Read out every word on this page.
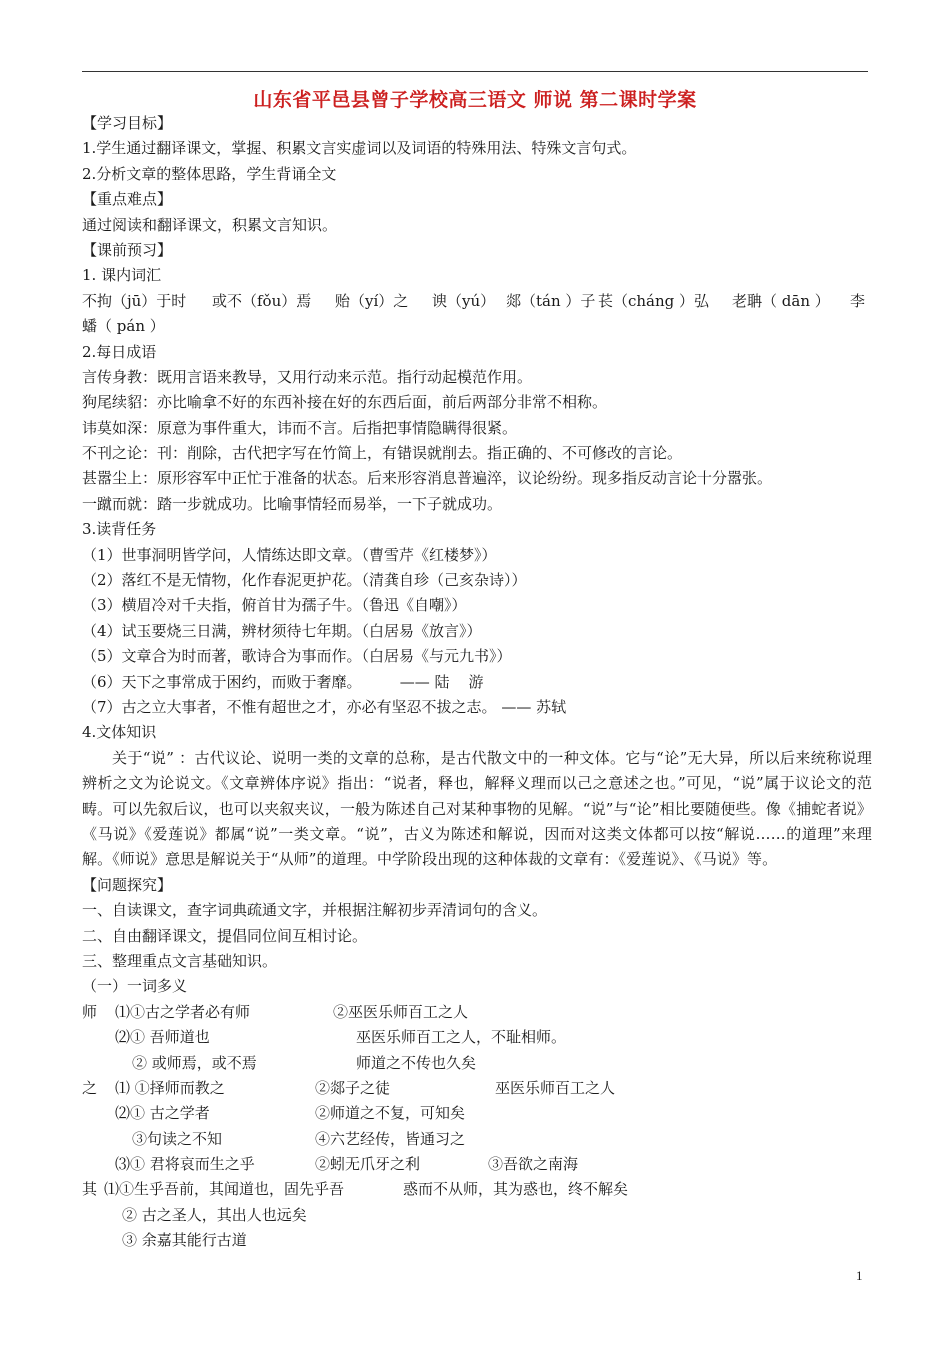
山东省平邑县曾子学校高三语文 师说 第二课时学案
【学习目标】
1.学生通过翻译课文，掌握、积累文言实虚词以及词语的特殊用法、特殊文言句式。
2.分析文章的整体思路，学生背诵全文
【重点难点】
通过阅读和翻译课文，积累文言知识。
【课前预习】
1. 课内词汇
不拘（jū）于时 或不（fǒu）焉 贻（yí）之 谀（yú） 郯（tán ）子 苌（cháng ）弘 老聃（ dān ） 李
蟠（ pán ）
2.每日成语
言传身教：既用言语来教导，又用行动来示范。指行动起模范作用。
狗尾续貂：亦比喻拿不好的东西补接在好的东西后面，前后两部分非常不相称。
讳莫如深：原意为事件重大，讳而不言。后指把事情隐瞒得很紧。
不刊之论：刊：削除，古代把字写在竹简上，有错误就削去。指正确的、不可修改的言论。
甚嚣尘上：原形容军中正忙于准备的状态。后来形容消息普遍淬，议论纷纷。现多指反动言论十分嚣张。
一蹴而就：踏一步就成功。比喻事情轻而易举，一下子就成功。
3.读背任务
（1）世事洞明皆学问，人情练达即文章。（曹雪芹《红楼梦》）
（2）落红不是无情物，化作春泥更护花。（清龚自珍（己亥杂诗））
（3）横眉冷对千夫指，俯首甘为孺子牛。（鲁迅《自嘲》）
（4）试玉要烧三日满，辨材须待七年期。（白居易《放言》）
（5）文章合为时而著，歌诗合为事而作。（白居易《与元九书》）
（6）天下之事常成于困约，而败于奢靡。        —— 陆    游
（7）古之立大事者，不惟有超世之才，亦必有坚忍不拔之志。 —— 苏轼
4.文体知识
关于“说” ：古代议论、说明一类的文章的总称，是古代散文中的一种文体。它与“论”无大异，所以后来统称说理辨析之文为论说文。《文章辨体序说》指出：“说者，释也，解释义理而以己之意述之也。”可见，“说”属于议论文的范畴。可以先叙后议，也可以夹叙夹议，一般为陈述自己对某种事物的见解。“说”与“论”相比要随便些。像《捕蛇者说》《马说》《爱莲说》都属“说”一类文章。“说”，古义为陈述和解说，因而对这类文体都可以按“解说……的道理”来理解。《师说》意思是解说关于“从师”的道理。中学阶段出现的这种体裁的文章有：《爱莲说》、《马说》等。
【问题探究】
一、自读课文，查字词典疏通文字，并根据注解初步弄清词句的含义。
二、自由翻译课文，提倡同位间互相讨论。
三、整理重点文言基础知识。
（一）一词多义
师 ⑴①古之学者必有师	②巫医乐师百工之人
⑵① 吾师道也	巫医乐师百工之人，不耻相师。
② 或师焉，或不焉	师道之不传也久矣
之 ⑴ ①择师而教之	②郯子之徒	巫医乐师百工之人
⑵① 古之学者	②师道之不复，可知矣
③句读之不知	④六艺经传，皆通习之
⑶① 君将哀而生之乎	②蚓无爪牙之利	③吾欲之南海
其 ⑴①生乎吾前，其闻道也，固先乎吾	惑而不从师，其为惑也，终不解矣
② 古之圣人，其出人也远矣
③ 余嘉其能行古道
1
